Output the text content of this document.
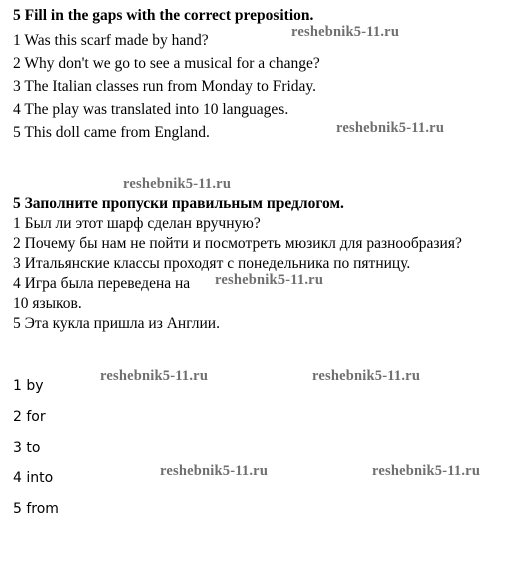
5 Fill in the gaps with the correct preposition.
1 Was this scarf made by hand?
2 Why don't we go to see a musical for a change?
3 The Italian classes run from Monday to Friday.
4 The play was translated into 10 languages.
5 This doll came from England.
5 Заполните пропуски правильным предлогом.
1 Был ли этот шарф сделан вручную?
2 Почему бы нам не пойти и посмотреть мюзикл для разнообразия?
3 Итальянские классы проходят с понедельника по пятницу.
4 Игра была переведена на
10 языков.
5 Эта кукла пришла из Англии.
1 by
2 for
3 to
4 into
5 from
reshebnik5-11.ru
reshebnik5-11.ru
reshebnik5-11.ru
reshebnik5-11.ru
reshebnik5-11.ru	reshebnik5-11.ru
reshebnik5-11.ru	reshebnik5-11.ru
